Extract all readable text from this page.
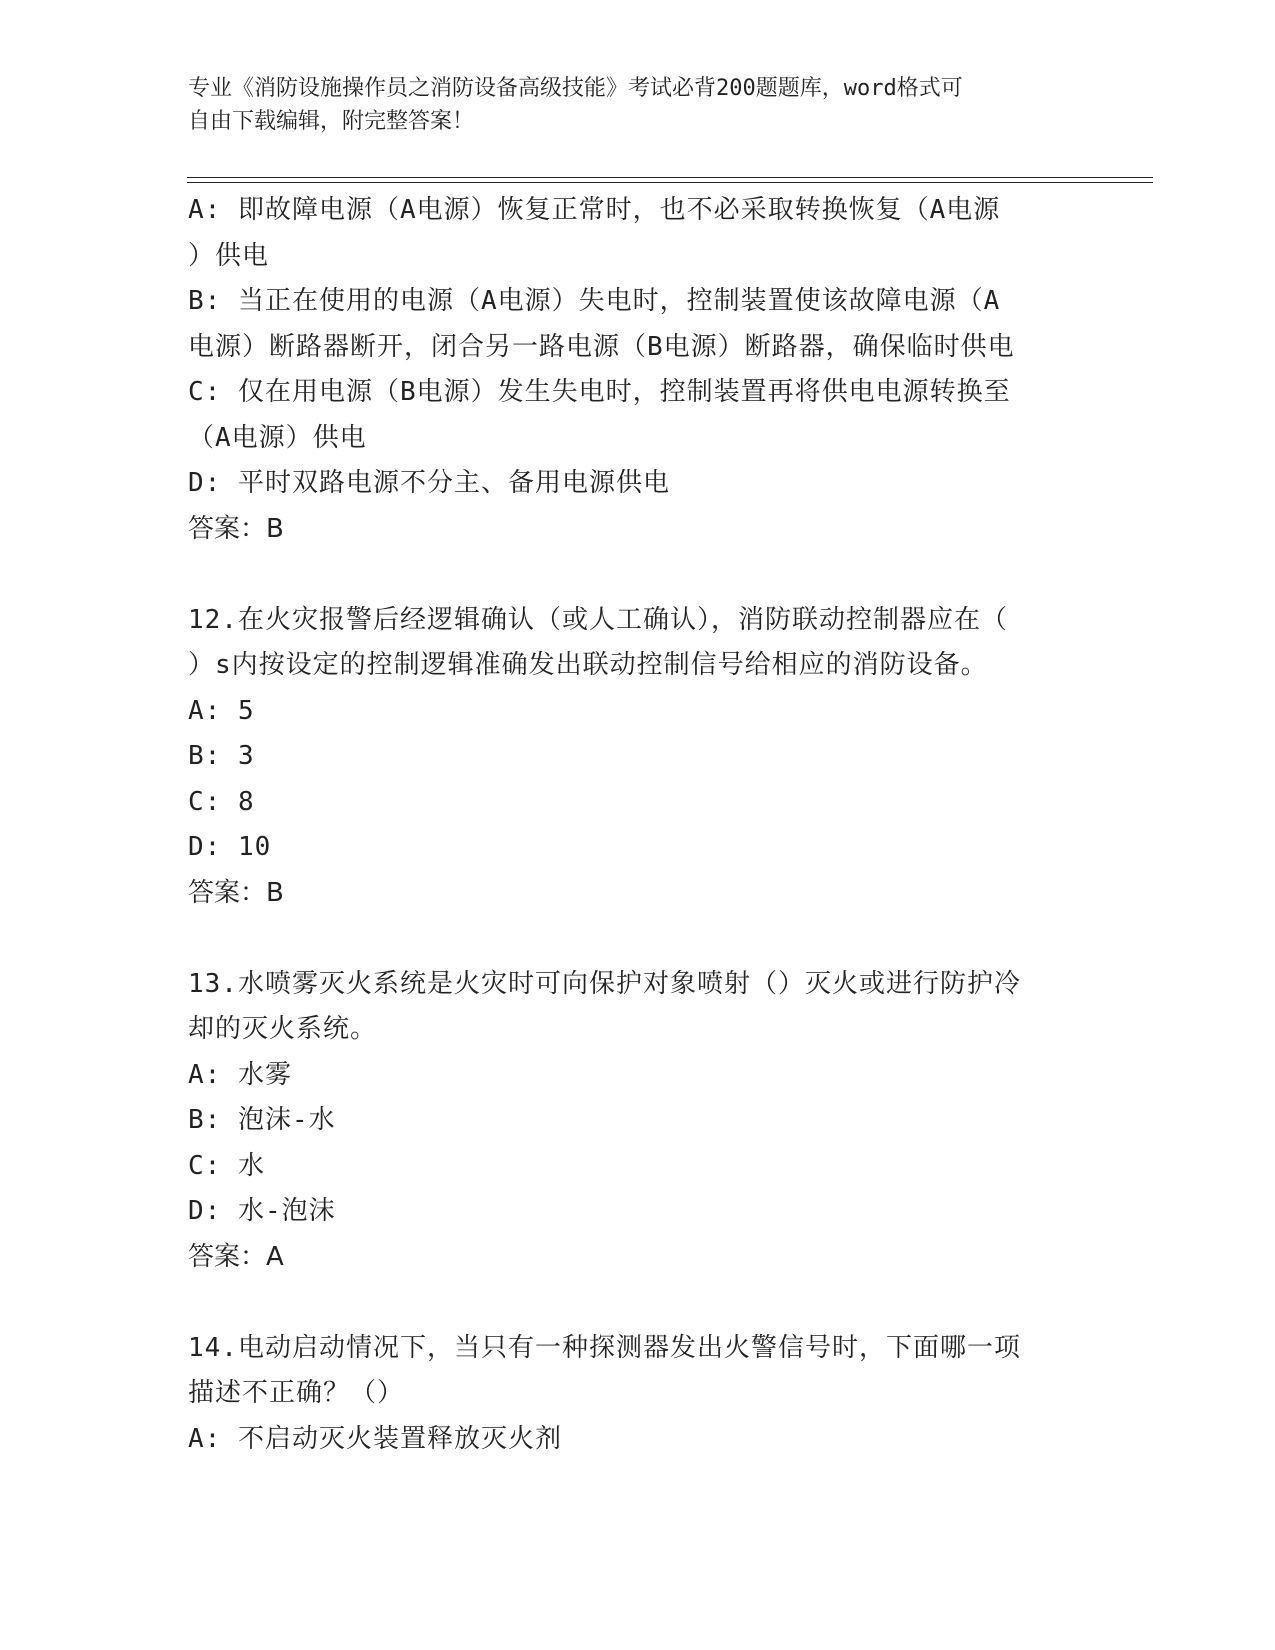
专业《消防设施操作员之消防设备高级技能》考试必背200题题库，word格式可
自由下载编辑，附完整答案！
A: 即故障电源（A电源）恢复正常时，也不必采取转换恢复（A电源
）供电
B: 当正在使用的电源（A电源）失电时，控制装置使该故障电源（A
电源）断路器断开，闭合另一路电源（B电源）断路器，确保临时供电
C: 仅在用电源（B电源）发生失电时，控制装置再将供电电源转换至
（A电源）供电
D: 平时双路电源不分主、备用电源供电
答案：B
12.在火灾报警后经逻辑确认（或人工确认），消防联动控制器应在（
）s内按设定的控制逻辑准确发出联动控制信号给相应的消防设备。
A: 5
B: 3
C: 8
D: 10
答案：B
13.水喷雾灭火系统是火灾时可向保护对象喷射（）灭火或进行防护冷
却的灭火系统。
A: 水雾
B: 泡沫-水
C: 水
D: 水-泡沫
答案：A
14.电动启动情况下，当只有一种探测器发出火警信号时，下面哪一项
描述不正确？（）
A: 不启动灭火装置释放灭火剂
